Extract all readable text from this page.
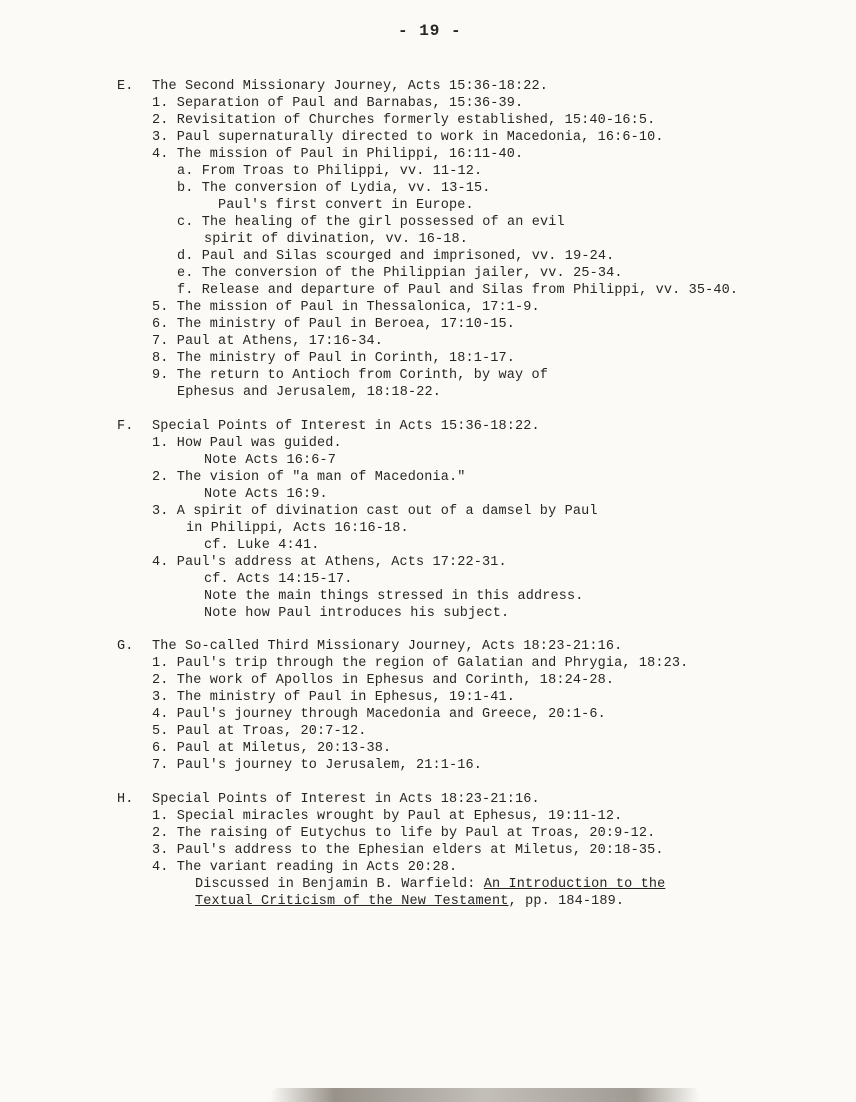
- 19 -
E. The Second Missionary Journey, Acts 15:36-18:22.
1. Separation of Paul and Barnabas, 15:36-39.
2. Revisitation of Churches formerly established, 15:40-16:5.
3. Paul supernaturally directed to work in Macedonia, 16:6-10.
4. The mission of Paul in Philippi, 16:11-40.
a. From Troas to Philippi, vv. 11-12.
b. The conversion of Lydia, vv. 13-15.
Paul's first convert in Europe.
c. The healing of the girl possessed of an evil
spirit of divination, vv. 16-18.
d. Paul and Silas scourged and imprisoned, vv. 19-24.
e. The conversion of the Philippian jailer, vv. 25-34.
f. Release and departure of Paul and Silas from Philippi, vv. 35-40.
5. The mission of Paul in Thessalonica, 17:1-9.
6. The ministry of Paul in Beroea, 17:10-15.
7. Paul at Athens, 17:16-34.
8. The ministry of Paul in Corinth, 18:1-17.
9. The return to Antioch from Corinth, by way of
Ephesus and Jerusalem, 18:18-22.
F. Special Points of Interest in Acts 15:36-18:22.
1. How Paul was guided.
Note Acts 16:6-7
2. The vision of "a man of Macedonia."
Note Acts 16:9.
3. A spirit of divination cast out of a damsel by Paul
in Philippi, Acts 16:16-18.
cf. Luke 4:41.
4. Paul's address at Athens, Acts 17:22-31.
cf. Acts 14:15-17.
Note the main things stressed in this address.
Note how Paul introduces his subject.
G. The So-called Third Missionary Journey, Acts 18:23-21:16.
1. Paul's trip through the region of Galatian and Phrygia, 18:23.
2. The work of Apollos in Ephesus and Corinth, 18:24-28.
3. The ministry of Paul in Ephesus, 19:1-41.
4. Paul's journey through Macedonia and Greece, 20:1-6.
5. Paul at Troas, 20:7-12.
6. Paul at Miletus, 20:13-38.
7. Paul's journey to Jerusalem, 21:1-16.
H. Special Points of Interest in Acts 18:23-21:16.
1. Special miracles wrought by Paul at Ephesus, 19:11-12.
2. The raising of Eutychus to life by Paul at Troas, 20:9-12.
3. Paul's address to the Ephesian elders at Miletus, 20:18-35.
4. The variant reading in Acts 20:28.
Discussed in Benjamin B. Warfield: An Introduction to the
Textual Criticism of the New Testament, pp. 184-189.
